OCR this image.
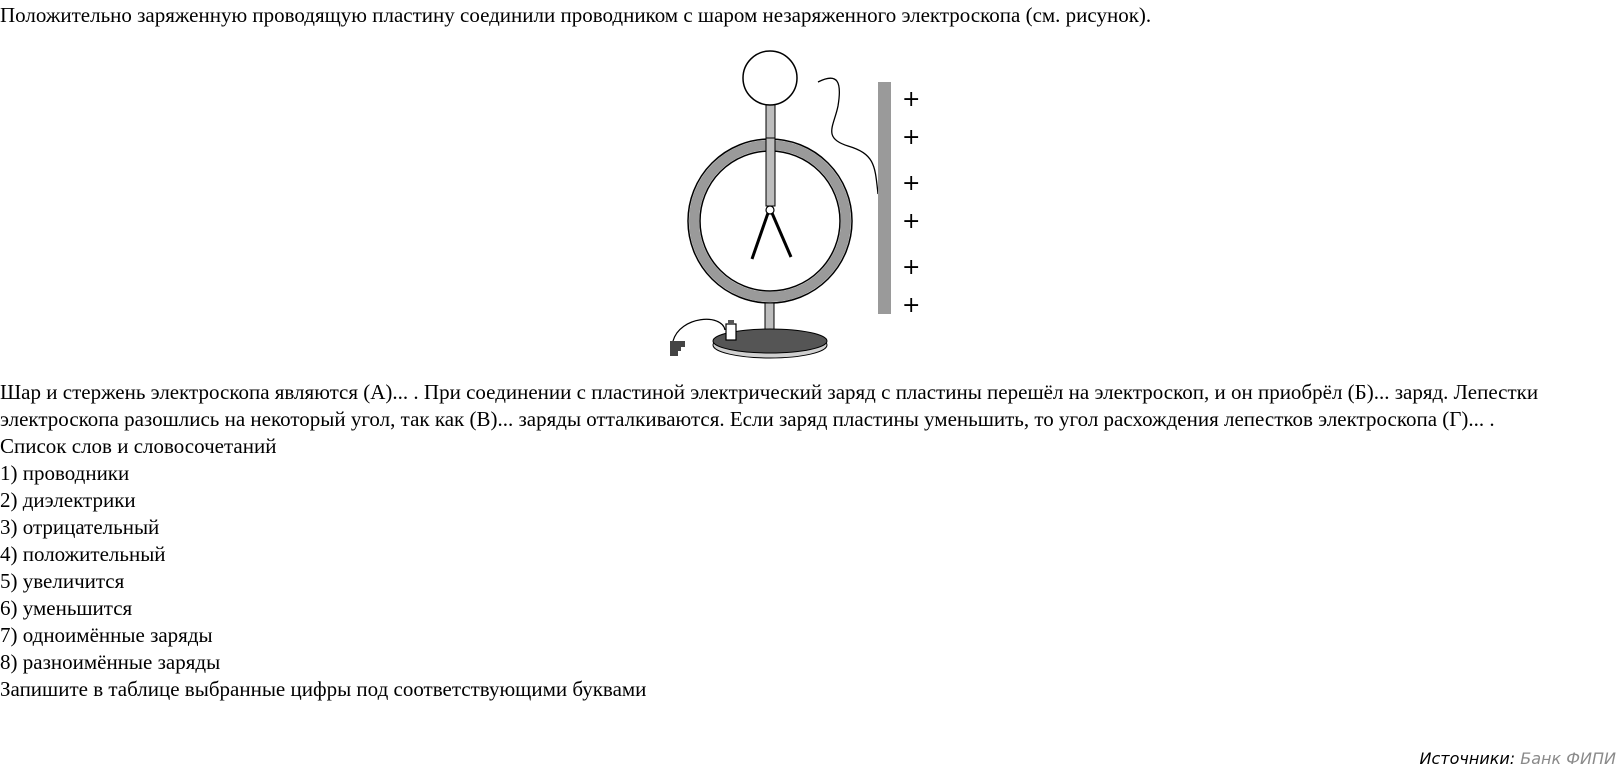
Положительно заряженную проводящую пластину соединили проводником с шаром незаряженного электроскопа (см. рисунок).
+
+
+
+
+
+

Шар и стержень электроскопа являются (А)... . При соединении с пластиной электрический заряд с пластины перешёл на электроскоп, и он приобрёл (Б)... заряд. Лепестки электроскопа разошлись на некоторый угол, так как (В)... заряды отталкиваются. Если заряд пластины уменьшить, то угол расхождения лепестков электроскопа (Г)... .

Список слов и словосочетаний

1) проводники
2) диэлектрики
3) отрицательный
4) положительный
5) увеличится
6) уменьшится
7) одноимённые заряды
8) разноимённые заряды

Запишите в таблице выбранные цифры под соответствующими буквами

Источники: Банк ФИПИ
